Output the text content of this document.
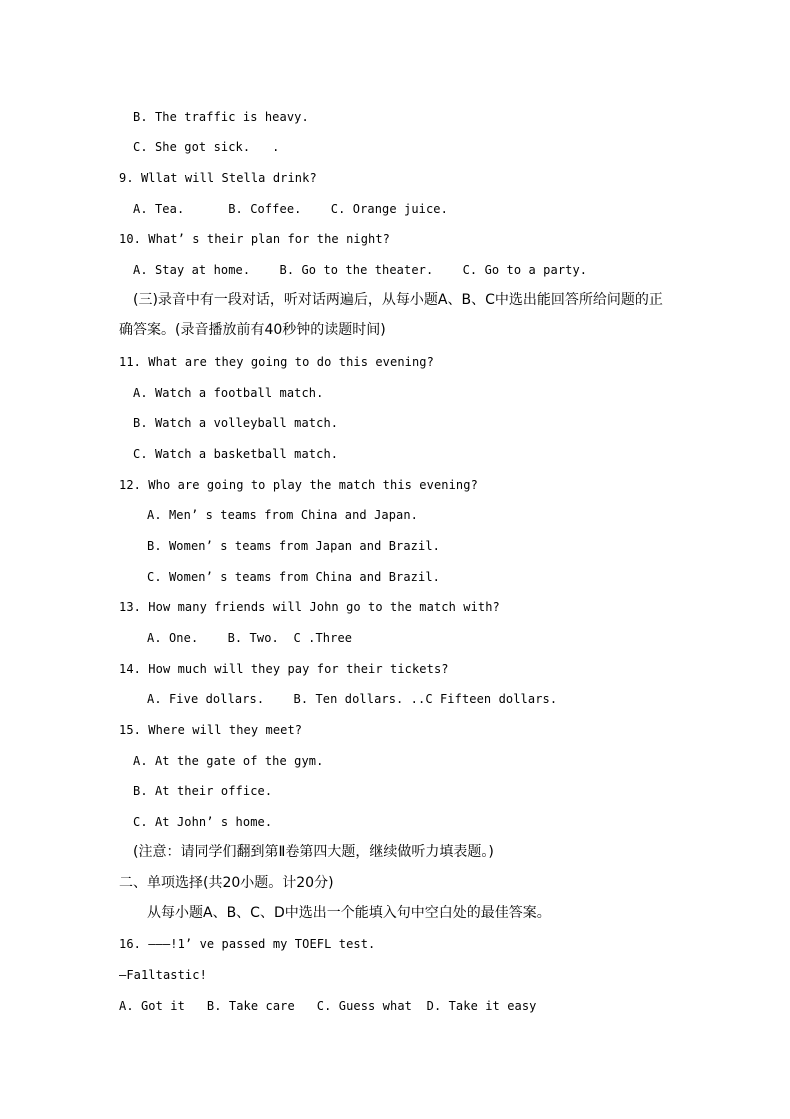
B. The traffic is heavy.
C. She got sick.   .
9. Wllat will Stella drink?
A. Tea.      B. Coffee.    C. Orange juice.
10. What’ s their plan for the night?
A. Stay at home.    B. Go to the theater.    C. Go to a party.
(三)录音中有一段对话，听对话两遍后，从每小题A、B、C中选出能回答所给问题的正
确答案。(录音播放前有40秒钟的读题时间)
11. What are they going to do this evening?
A. Watch a football match.
B. Watch a volleyball match.
C. Watch a basketball match.
12. Who are going to play the match this evening?
A. Men’ s teams from China and Japan.
B. Women’ s teams from Japan and Brazil.
C. Women’ s teams from China and Brazil.
13. How many friends will John go to the match with?
A. One.    B. Two.  C .Three
14. How much will they pay for their tickets?
A. Five dollars.    B. Ten dollars. ..C Fifteen dollars.
15. Where will they meet?
A. At the gate of the gym.
B. At their office.
C. At John’ s home.
(注意：请同学们翻到第Ⅱ卷第四大题，继续做听力填表题。)
二、单项选择(共20小题。计20分)
从每小题A、B、C、D中选出一个能填入句中空白处的最佳答案。
16. ———!1’ ve passed my TOEFL test.
—Fa1ltastic!
A. Got it   B. Take care   C. Guess what  D. Take it easy
